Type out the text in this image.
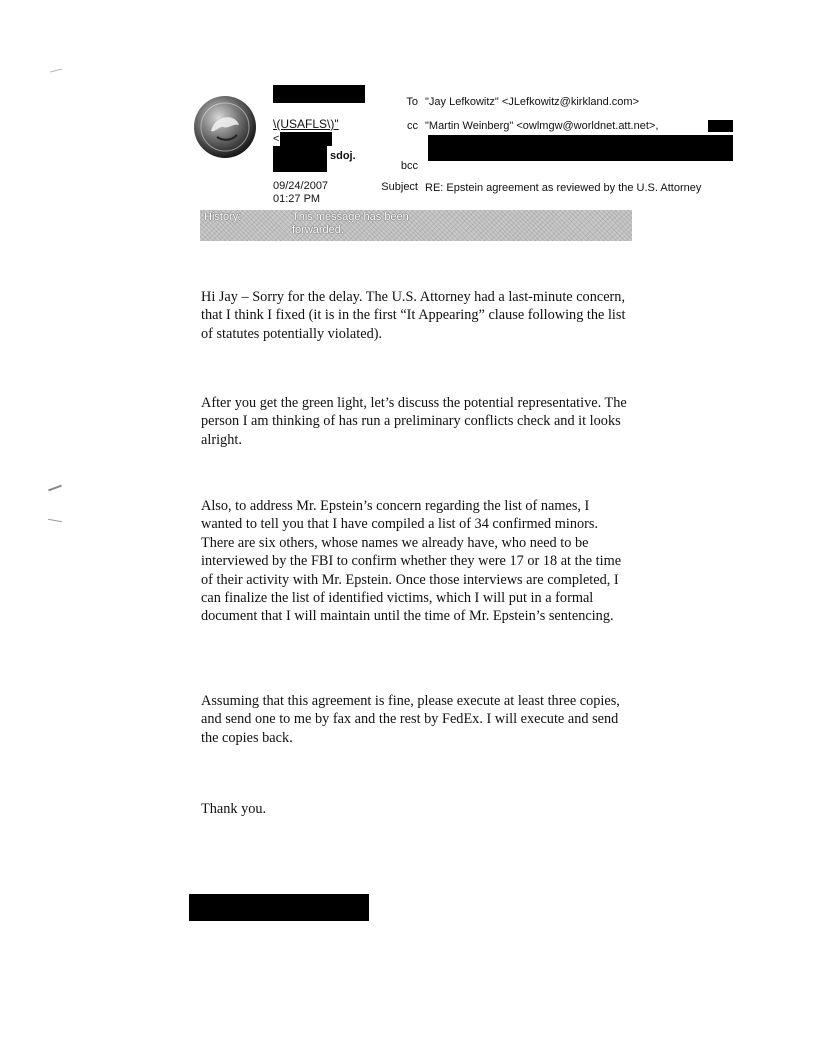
\(USAFLS\)"
<
sdoj.
09/24/2007
01:27 PM
To "Jay Lefkowitz" <JLefkowitz@kirkland.com>
cc "Martin Weinberg" <owlmgw@worldnet.att.net>,
bcc
Subject RE: Epstein agreement as reviewed by the U.S. Attorney
History:	This message has been
forwarded.
Hi Jay – Sorry for the delay. The U.S. Attorney had a last-minute concern, that I think I fixed (it is in the first “It Appearing” clause following the list of statutes potentially violated).
After you get the green light, let’s discuss the potential representative. The person I am thinking of has run a preliminary conflicts check and it looks alright.
Also, to address Mr. Epstein’s concern regarding the list of names, I wanted to tell you that I have compiled a list of 34 confirmed minors. There are six others, whose names we already have, who need to be interviewed by the FBI to confirm whether they were 17 or 18 at the time of their activity with Mr. Epstein. Once those interviews are completed, I can finalize the list of identified victims, which I will put in a formal document that I will maintain until the time of Mr. Epstein’s sentencing.
Assuming that this agreement is fine, please execute at least three copies, and send one to me by fax and the rest by FedEx. I will execute and send the copies back.
Thank you.
